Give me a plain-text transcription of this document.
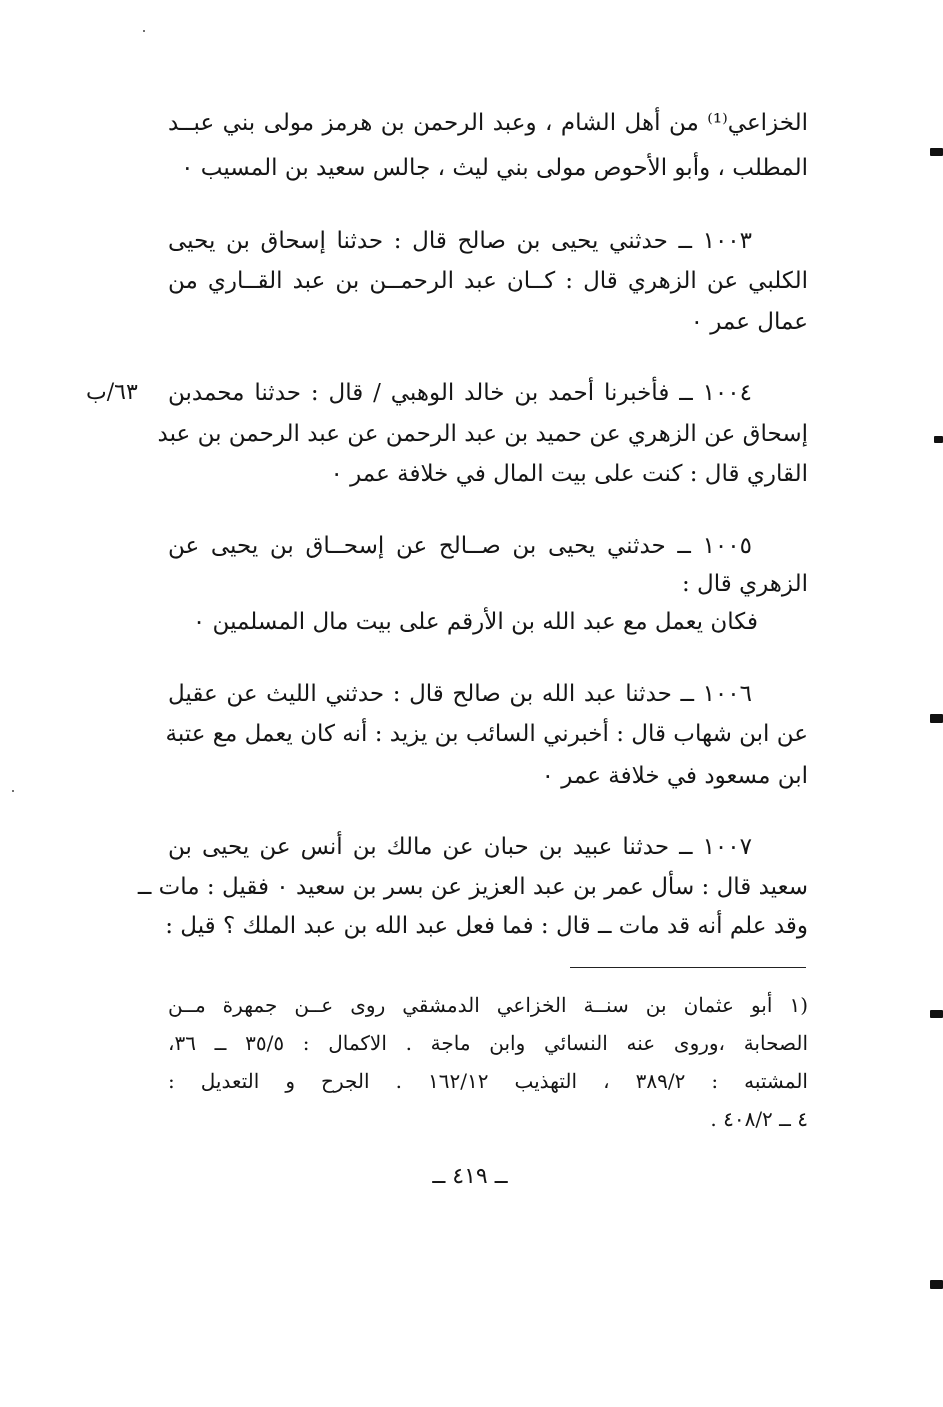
الخزاعي⁽¹⁾ من أهل الشام ، وعبد الرحمن بن هرمز مولى بني عبــد
المطلب ، وأبو الأحوص مولى بني ليث ، جالس سعيد بن المسيب ٠
١٠٠٣ ــ حدثني يحيى بن صالح قال : حدثنا إسحاق بن يحيى
الكلبي عن الزهري قال : كــان عبد الرحمــن بن عبد القــاري من
عمال عمر ٠
١٠٠٤ ــ فأخبرنا أحمد بن خالد الوهبي / قال : حدثنا محمدبن
إسحاق عن الزهري عن حميد بن عبد الرحمن عن عبد الرحمن بن عبد
القاري قال : كنت على بيت المال في خلافة عمر ٠
٦٣/ب
١٠٠٥ ــ حدثني يحيى بن صــالح عن إسحــاق بن يحيى عن
الزهري قال :
فكان يعمل مع عبد الله بن الأرقم على بيت مال المسلمين ٠
١٠٠٦ ــ حدثنا عبد الله بن صالح قال : حدثني الليث عن عقيل
عن ابن شهاب قال : أخبرني السائب بن يزيد : أنه كان يعمل مع عتبة
ابن مسعود في خلافة عمر ٠
١٠٠٧ ــ حدثنا عبيد بن حبان عن مالك بن أنس عن يحيى بن
سعيد قال : سأل عمر بن عبد العزيز عن بسر بن سعيد ٠ فقيل : مات ــ
وقد علم أنه قد مات ــ قال : فما فعل عبد الله بن عبد الملك ؟ قيل :
(١ أبو عثمان بن سنــة الخزاعي الدمشقي روى عــن جمهرة مــن
الصحابة ،وروى عنه النسائي وابن ماجة . الاكمال : ٣٥/٥ ــ ٣٦،
المشتبه : ٣٨٩/٢ ، التهذيب ١٦٢/١٢ . الجرح و التعديل :
٤ ــ ٤٠٨/٢ .
ــ ٤١٩ ــ
